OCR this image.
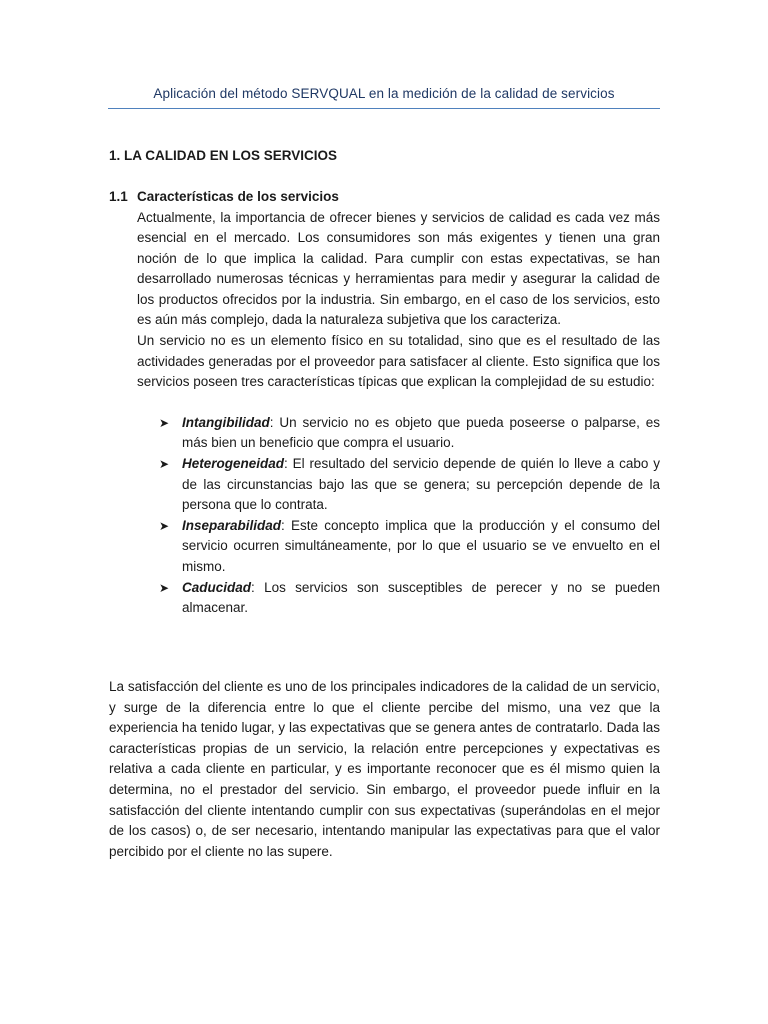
Aplicación del método SERVQUAL en la medición de la calidad de servicios
1. LA CALIDAD EN LOS SERVICIOS
1.1 Características de los servicios

Actualmente, la importancia de ofrecer bienes y servicios de calidad es cada vez más esencial en el mercado. Los consumidores son más exigentes y tienen una gran noción de lo que implica la calidad. Para cumplir con estas expectativas, se han desarrollado numerosas técnicas y herramientas para medir y asegurar la calidad de los productos ofrecidos por la industria. Sin embargo, en el caso de los servicios, esto es aún más complejo, dada la naturaleza subjetiva que los caracteriza.

Un servicio no es un elemento físico en su totalidad, sino que es el resultado de las actividades generadas por el proveedor para satisfacer al cliente. Esto significa que los servicios poseen tres características típicas que explican la complejidad de su estudio:

➤ Intangibilidad: Un servicio no es objeto que pueda poseerse o palparse, es más bien un beneficio que compra el usuario.
➤ Heterogeneidad: El resultado del servicio depende de quién lo lleve a cabo y de las circunstancias bajo las que se genera; su percepción depende de la persona que lo contrata.
➤ Inseparabilidad: Este concepto implica que la producción y el consumo del servicio ocurren simultáneamente, por lo que el usuario se ve envuelto en el mismo.
➤ Caducidad: Los servicios son susceptibles de perecer y no se pueden almacenar.

La satisfacción del cliente es uno de los principales indicadores de la calidad de un servicio, y surge de la diferencia entre lo que el cliente percibe del mismo, una vez que la experiencia ha tenido lugar, y las expectativas que se genera antes de contratarlo. Dada las características propias de un servicio, la relación entre percepciones y expectativas es relativa a cada cliente en particular, y es importante reconocer que es él mismo quien la determina, no el prestador del servicio. Sin embargo, el proveedor puede influir en la satisfacción del cliente intentando cumplir con sus expectativas (superándolas en el mejor de los casos) o, de ser necesario, intentando manipular las expectativas para que el valor percibido por el cliente no las supere.
